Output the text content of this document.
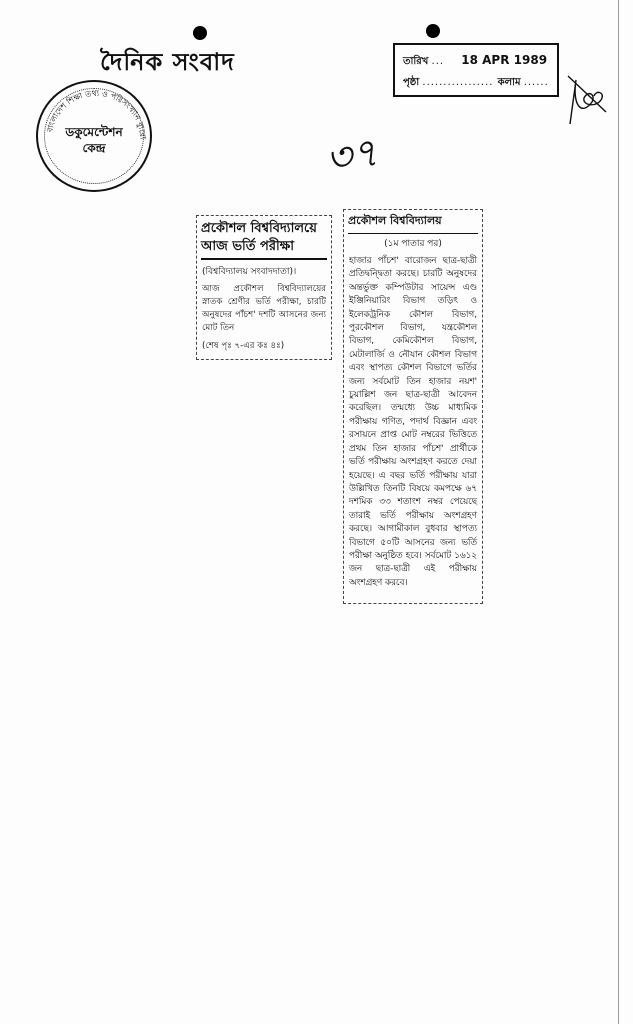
দৈনিক সংবাদ
বাংলাদেশ শিক্ষা তথ্য ও পরিসংখ্যান ব্যুরো
ডকুমেন্টেশন
কেন্দ্র
তারিখ ... 18 APR 1989
পৃষ্ঠা ................. কলাম ......
৩৭
প্রকৌশল বিশ্ববিদ্যালয়ে আজ ভর্তি পরীক্ষা
(বিশ্ববিদ্যালয় সংবাদদাতা)।
আজ প্রকৌশল বিশ্ববিদ্যালয়ের স্নাতক শ্রেণীর ভর্তি পরীক্ষা, চারটি অনুষদের পাঁচশ' দশটি আসনের জন্য মোট তিন
(শেষ পৃঃ ৭-এর কঃ ৪ঃ)
প্রকৌশল বিশ্ববিদ্যালয়
(১ম পাতার পর)
হাজার পাঁচশ' বারোজন ছাত্র-ছাত্রী প্রতিদ্বন্দ্বিতা করছে। চারটি অনুষদের অন্তর্ভুক্ত কম্পিউটার সায়েন্স এণ্ড ইঞ্জিনিয়ারিং বিভাগ তড়িৎ ও ইলেকট্রনিক কৌশল বিভাগ, পুরকৌশল বিভাগ, যন্ত্রকৌশল বিভাগ, কেমিকৌশল বিভাগ, মেটালার্জি ও নৌযান কৌশল বিভাগ এবং স্থাপত্য কৌশল বিভাগে ভর্তির জন্য সর্বমোট তিন হাজার নয়শ' চুয়াল্লিশ জন ছাত্র-ছাত্রী আবেদন করেছিল। তন্মধ্যে উচ্চ মাধ্যমিক পরীক্ষায় গণিত, পদার্থ বিজ্ঞান এবং রসায়নে প্রাপ্ত মোট নম্বরের ভিত্তিতে প্রথম তিন হাজার পাঁচশ' প্রার্থীকে ভর্তি পরীক্ষায় অংশগ্রহণ করতে দেয়া হয়েছে। এ বছর ভর্তি পরীক্ষায় যারা উল্লিখিত তিনটি বিষয়ে কমপক্ষে ৬৭ দশমিক ৩৩ শতাংশ নম্বর পেয়েছে তারাই ভর্তি পরীক্ষায় অংশগ্রহণ করছে। আগামীকাল বুধবার স্থাপত্য বিভাগে ৫০টি আসনের জন্য ভর্তি পরীক্ষা অনুষ্ঠিত হবে। সর্বমোট ১৬১২ জন ছাত্র-ছাত্রী এই পরীক্ষায় অংশগ্রহণ করবে।
